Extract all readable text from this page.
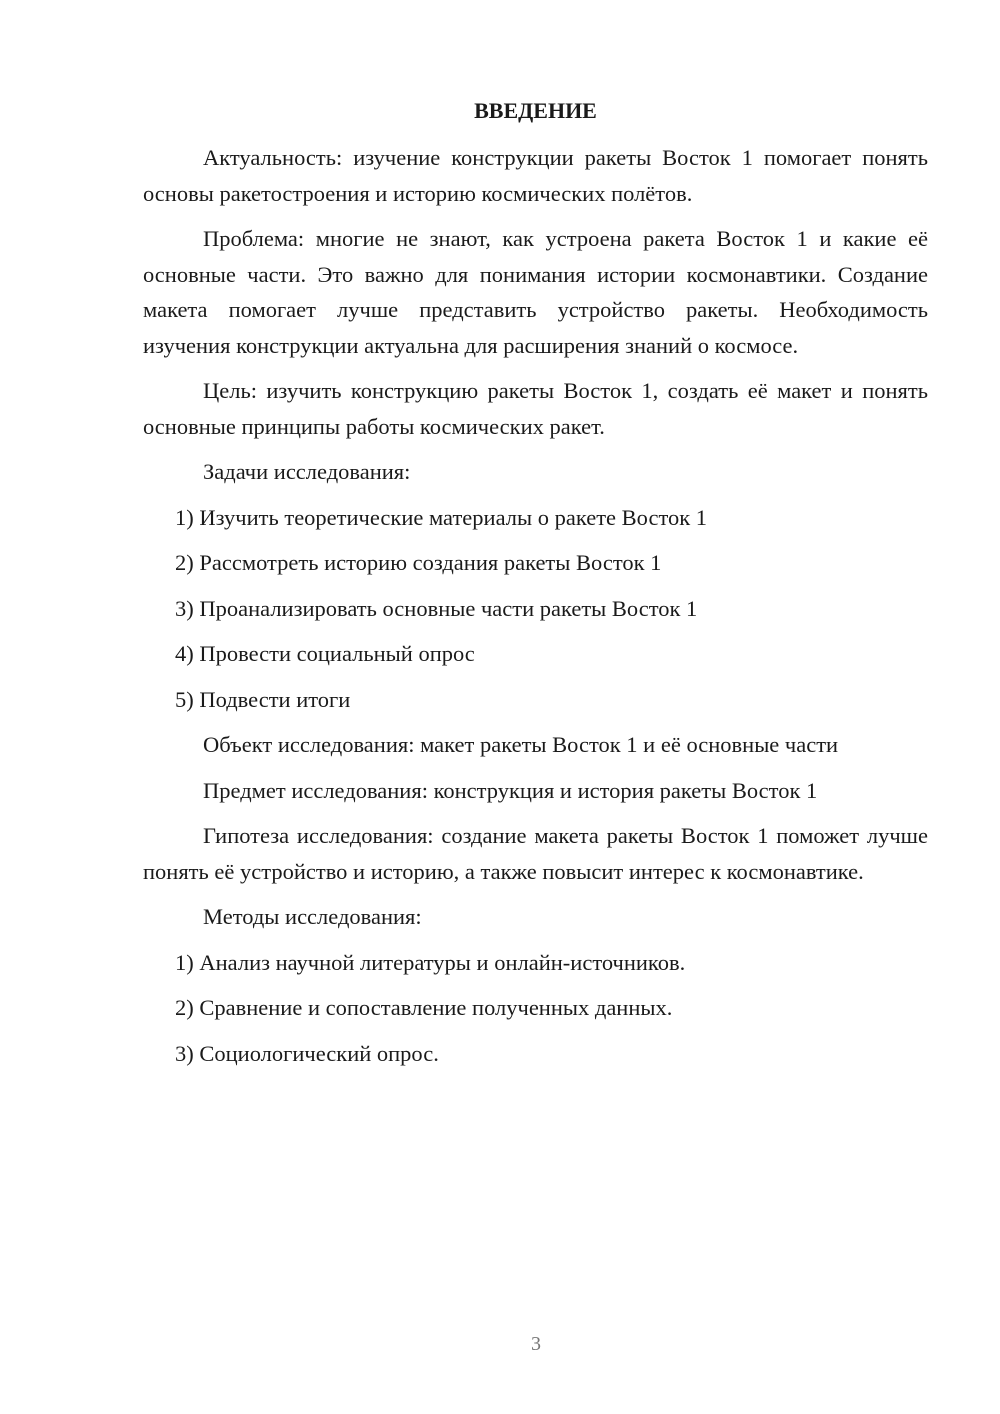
ВВЕДЕНИЕ

Актуальность: изучение конструкции ракеты Восток 1 помогает понять основы ракетостроения и историю космических полётов.

Проблема: многие не знают, как устроена ракета Восток 1 и какие её основные части. Это важно для понимания истории космонавтики. Создание макета помогает лучше представить устройство ракеты. Необходимость изучения конструкции актуальна для расширения знаний о космосе.

Цель: изучить конструкцию ракеты Восток 1, создать её макет и понять основные принципы работы космических ракет.

Задачи исследования:

1) Изучить теоретические материалы о ракете Восток 1

2) Рассмотреть историю создания ракеты Восток 1

3) Проанализировать основные части ракеты Восток 1

4) Провести социальный опрос

5) Подвести итоги

Объект исследования: макет ракеты Восток 1 и её основные части

Предмет исследования: конструкция и история ракеты Восток 1

Гипотеза исследования: создание макета ракеты Восток 1 поможет лучше понять её устройство и историю, а также повысит интерес к космонавтике.

Методы исследования:

1) Анализ научной литературы и онлайн-источников.

2) Сравнение и сопоставление полученных данных.

3) Социологический опрос.

3
